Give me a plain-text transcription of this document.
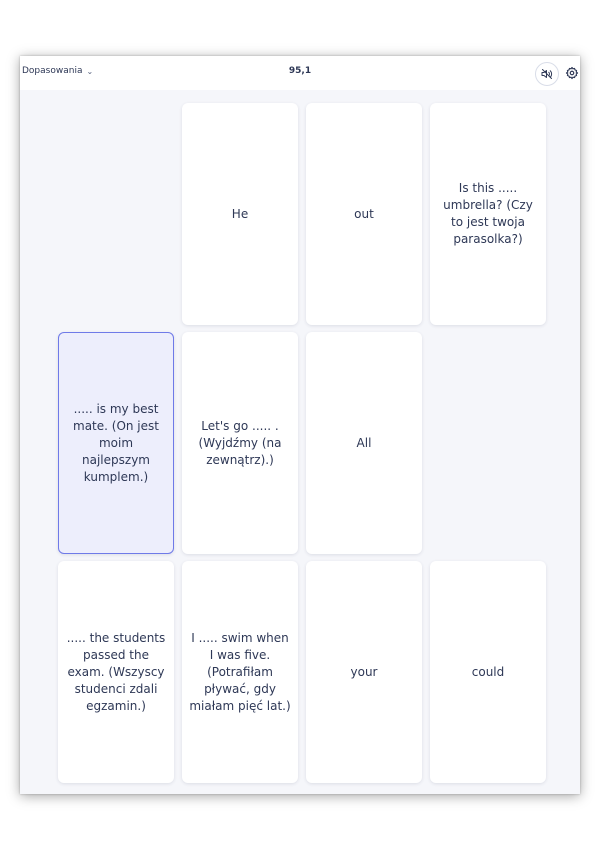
Dopasowania ⌄	95,1
He	out
Is this ..... umbrella? (Czy to jest twoja parasolka?)
..... is my best mate. (On jest moim najlepszym kumplem.)
Let's go ..... . (Wyjdźmy (na zewnątrz).)
All
..... the students passed the exam. (Wszyscy studenci zdali egzamin.)
I ..... swim when I was five. (Potrafiłam pływać, gdy miałam pięć lat.)
your	could
